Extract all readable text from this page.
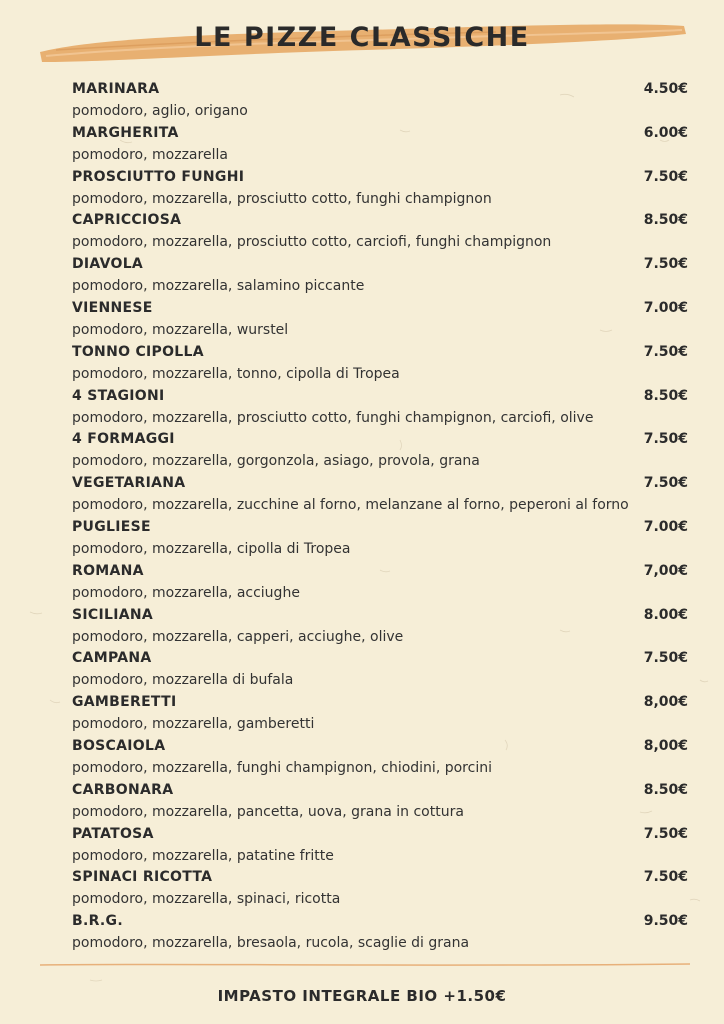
LE PIZZE CLASSICHE
MARINARA	4.50€
pomodoro, aglio, origano
MARGHERITA	6.00€
pomodoro, mozzarella
PROSCIUTTO FUNGHI	7.50€
pomodoro, mozzarella, prosciutto cotto, funghi champignon
CAPRICCIOSA	8.50€
pomodoro, mozzarella, prosciutto cotto, carciofi, funghi champignon
DIAVOLA	7.50€
pomodoro, mozzarella, salamino piccante
VIENNESE	7.00€
pomodoro, mozzarella, wurstel
TONNO CIPOLLA	7.50€
pomodoro, mozzarella, tonno, cipolla di Tropea
4 STAGIONI	8.50€
pomodoro, mozzarella, prosciutto cotto, funghi champignon, carciofi, olive
4 FORMAGGI	7.50€
pomodoro, mozzarella, gorgonzola, asiago, provola, grana
VEGETARIANA	7.50€
pomodoro, mozzarella, zucchine al forno, melanzane al forno, peperoni al forno
PUGLIESE	7.00€
pomodoro, mozzarella, cipolla di Tropea
ROMANA	7,00€
pomodoro, mozzarella, acciughe
SICILIANA	8.00€
pomodoro, mozzarella, capperi, acciughe, olive
CAMPANA	7.50€
pomodoro, mozzarella di bufala
GAMBERETTI	8,00€
pomodoro, mozzarella, gamberetti
BOSCAIOLA	8,00€
pomodoro, mozzarella, funghi champignon, chiodini, porcini
CARBONARA	8.50€
pomodoro, mozzarella, pancetta, uova, grana in cottura
PATATOSA	7.50€
pomodoro, mozzarella, patatine fritte
SPINACI RICOTTA	7.50€
pomodoro, mozzarella, spinaci, ricotta
B.R.G.	9.50€
pomodoro, mozzarella, bresaola, rucola, scaglie di grana
IMPASTO INTEGRALE BIO +1.50€
